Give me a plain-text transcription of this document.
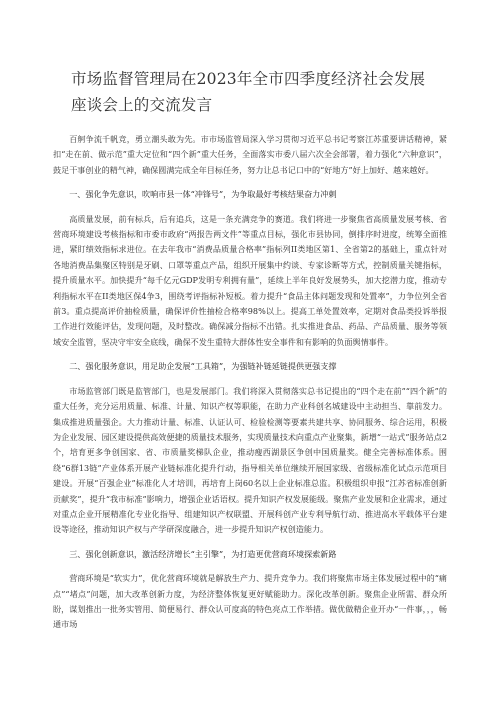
市场监督管理局在2023年全市四季度经济社会发展
座谈会上的交流发言

百舸争流千帆竞，勇立潮头敢为先。市市场监管局深入学习贯彻习近平总书记考察江苏重要讲话精神，紧扣“走在前、做示范”重大定位和“四个新”重大任务，全面落实市委八届六次全会部署，着力强化“六种意识”，鼓足干事创业的精气神，确保圆满完成全年目标任务，努力让总书记口中的“好地方”好上加好、越来越好。

一、强化争先意识，吹响市县一体“冲锋号”，为争取最好考核结果奋力冲刺

高质量发展，前有标兵，后有追兵，这是一条充满竞争的赛道。我们将进一步聚焦省高质量发展考核、省营商环境建设考核指标和市委市政府“两报告两文件”等重点目标，强化市县协同，倒排序时进度，统筹全面推进，紧盯绩效指标求进位。在去年我市“消费品质量合格率”指标列II类地区第1、全省第2的基础上，重点针对各地消费品集聚区特别是牙刷、口罩等重点产品，组织开展集中约谈、专家诊断等方式，控制质量关键指标，提升质量水平。加快提升“每千亿元GDP发明专利拥有量”，延续上半年良好发展势头，加大挖潜力度，推动专利指标水平在II类地区保4争3，围绕考评指标补短板。着力提升“食品主体问题发现和处置率”，力争位列全省前3。重点提高评价抽检质量，确保评价性抽检合格率98%以上。提高工单处置效率，定期对食品类投诉举报工作进行效能评估，发现问题，及时整改。确保减分指标不出错。扎实推进食品、药品、产品质量、服务等领域安全监管，坚决守牢安全底线，确保不发生重特大群体性安全事件和有影响的负面舆情事件。

二、强化服务意识，用足助企发展“工具箱”，为强链补链延链提供更强支撑

市场监管部门既是监管部门，也是发展部门。我们将深入贯彻落实总书记提出的“四个走在前”“四个新”的重大任务，充分运用质量、标准、计量、知识产权等职能，在助力产业科创名城建设中主动担当、靠前发力。集成推进质量强企。大力推动计量、标准、认证认可、检验检测等要素共建共享、协同服务、综合运用，积极为企业发展、园区建设提供高效便捷的质量技术服务，实现质量技术向重点产业聚集，新增“一站式”服务站点2个，培育更多争创国家、省、市质量奖梯队企业，推动瘦西湖景区争创中国质量奖。健全完善标准体系。围绕“6群13链”产业体系开展产业链标准化提升行动，指导相关单位继续开展国家级、省级标准化试点示范项目建设。开展“百强企业”标准化人才培训，再培育上岗60名以上企业标准总监。积极组织申报“江苏省标准创新贡献奖”，提升“我市标准”影响力，增强企业话语权。提升知识产权发展能级。聚焦产业发展和企业需求，通过对重点企业开展精准化专业化指导、组建知识产权联盟、开展科创产业专利导航行动、推进高水平载体平台建设等途径，推动知识产权与产学研深度融合，进一步提升知识产权创造能力。

三、强化创新意识，激活经济增长“主引擎”，为打造更优营商环境探索新路

营商环境是“软实力”，优化营商环境就是解放生产力、提升竞争力。我们将聚焦市场主体发展过程中的“痛点”“堵点”问题，加大改革创新力度，为经济整体恢复更好赋能助力。深化改革创新。聚焦企业所需、群众所盼，谋划推出一批务实管用、简便易行、群众认可度高的特色亮点工作举措。做优做精企业开办“一件事，，，畅通市场
